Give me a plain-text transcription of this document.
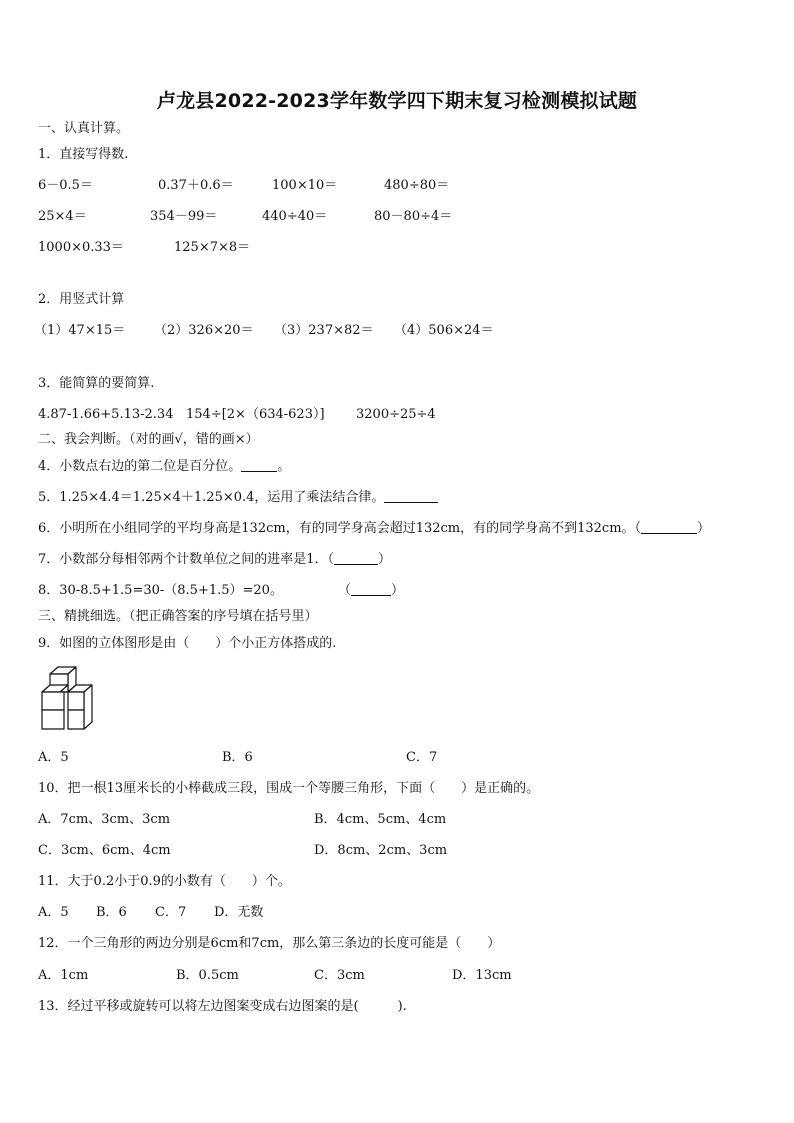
卢龙县2022-2023学年数学四下期末复习检测模拟试题
一、认真计算。
1．直接写得数.
6－0.5＝	0.37＋0.6＝	100×10＝	480÷80＝
25×4＝	354－99＝	440÷40＝	80－80÷4＝
1000×0.33＝	125×7×8＝
2．用竖式计算
（1）47×15＝ （2）326×20＝ （3）237×82＝ （4）506×24＝
3．能简算的要简算.
4.87-1.66+5.13-2.34 154÷[2×（634-623）] 3200÷25÷4
二、我会判断。（对的画√，错的画×）
4．小数点右边的第二位是百分位。	。
5．1.25×4.4＝1.25×4＋1.25×0.4，运用了乘法结合律。
6．小明所在小组同学的平均身高是132cm，有的同学身高会超过132cm，有的同学身高不到132cm。（	）
7．小数部分每相邻两个计数单位之间的进率是1．（	）
8．30-8.5+1.5=30-（8.5+1.5）=20。	（	）
三、精挑细选。（把正确答案的序号填在括号里）
9．如图的立体图形是由（　　）个小正方体搭成的.
A．5	B．6	C．7
10．把一根13厘米长的小棒截成三段，围成一个等腰三角形，下面（　　）是正确的。
A．7cm、3cm、3cm	B．4cm、5cm、4cm
C．3cm、6cm、4cm	D．8cm、2cm、3cm
11．大于0.2小于0.9的小数有（　　）个。
A．5 B．6 C．7 D．无数
12．一个三角形的两边分别是6cm和7cm，那么第三条边的长度可能是（　　）
A．1cm	B．0.5cm	C．3cm	D．13cm
13．经过平移或旋转可以将左边图案变成右边图案的是(　　　).
